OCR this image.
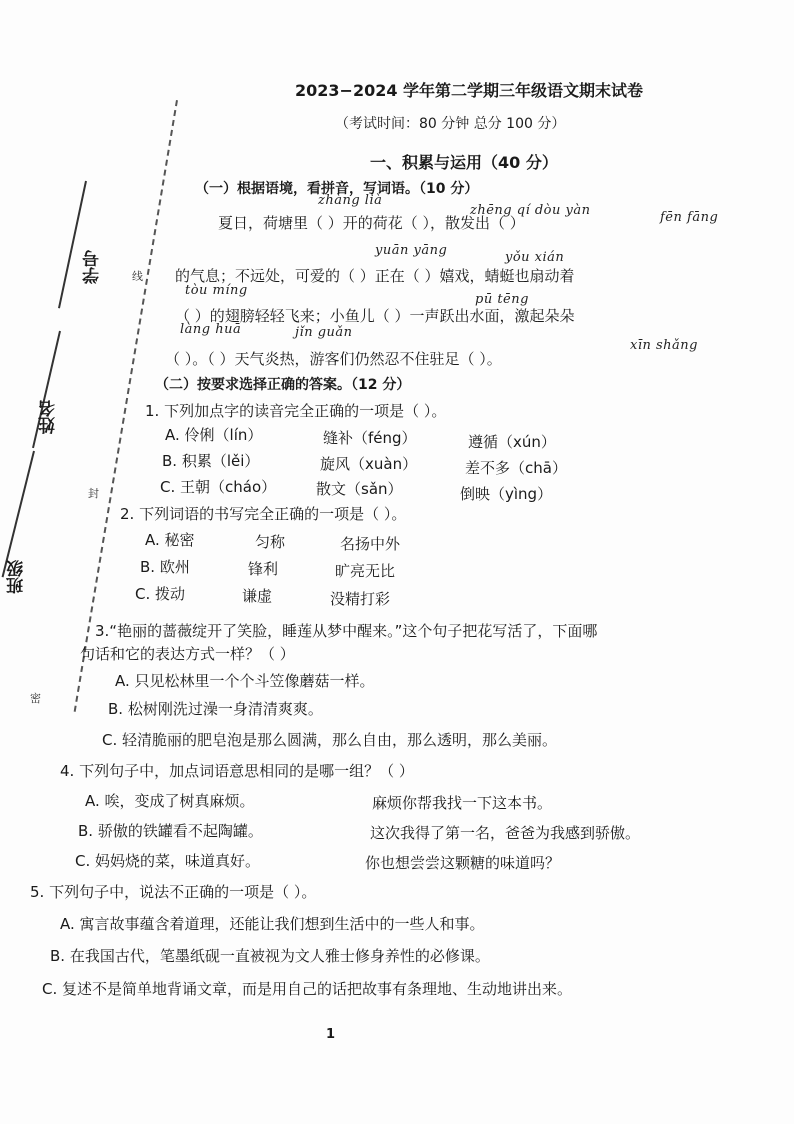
学号
姓名
班级
线
封
密
2023−2024 学年第二学期三年级语文期末试卷
（考试时间：80 分钟 总分 100 分）
一、积累与运用（40 分）
（一）根据语境，看拼音，写词语。（10 分）
zhàng lià
zhēng qí dòu yàn	fēn fāng
夏日，荷塘里（ ）开的荷花（ ），散发出（ ）
yuān yāng	yǒu xián
的气息；不远处，可爱的（ ）正在（ ）嬉戏，蜻蜓也扇动着
tòu míng
pū tēng
（ ）的翅膀轻轻飞来；小鱼儿（ ）一声跃出水面，激起朵朵
làng huā	jǐn guǎn
xīn shǎng
（ ）。（ ）天气炎热，游客们仍然忍不住驻足（ ）。
（二）按要求选择正确的答案。（12 分）
1. 下列加点字的读音完全正确的一项是（ ）。
A. 伶俐（lín）	缝补（féng）	遵循（xún）
B. 积累（lěi）	旋风（xuàn）	差不多（chā）
C. 王朝（cháo）	散文（sǎn）	倒映（yìng）
2. 下列词语的书写完全正确的一项是（ ）。
A. 秘密	匀称	名扬中外
B. 欧州	锋利	旷亮无比
C. 拨动	谦虚	没精打彩
3.“艳丽的蔷薇绽开了笑脸，睡莲从梦中醒来。”这个句子把花写活了，下面哪
句话和它的表达方式一样？（ ）
A. 只见松林里一个个斗笠像蘑菇一样。
B. 松树刚洗过澡一身清清爽爽。
C. 轻清脆丽的肥皂泡是那么圆满，那么自由，那么透明，那么美丽。
4. 下列句子中，加点词语意思相同的是哪一组？（ ）
A. 唉，变成了树真麻烦。	麻烦你帮我找一下这本书。
B. 骄傲的铁罐看不起陶罐。	这次我得了第一名，爸爸为我感到骄傲。
C. 妈妈烧的菜，味道真好。	你也想尝尝这颗糖的味道吗？
5. 下列句子中，说法不正确的一项是（ ）。
A. 寓言故事蕴含着道理，还能让我们想到生活中的一些人和事。
B. 在我国古代，笔墨纸砚一直被视为文人雅士修身养性的必修课。
C. 复述不是简单地背诵文章，而是用自己的话把故事有条理地、生动地讲出来。
1
